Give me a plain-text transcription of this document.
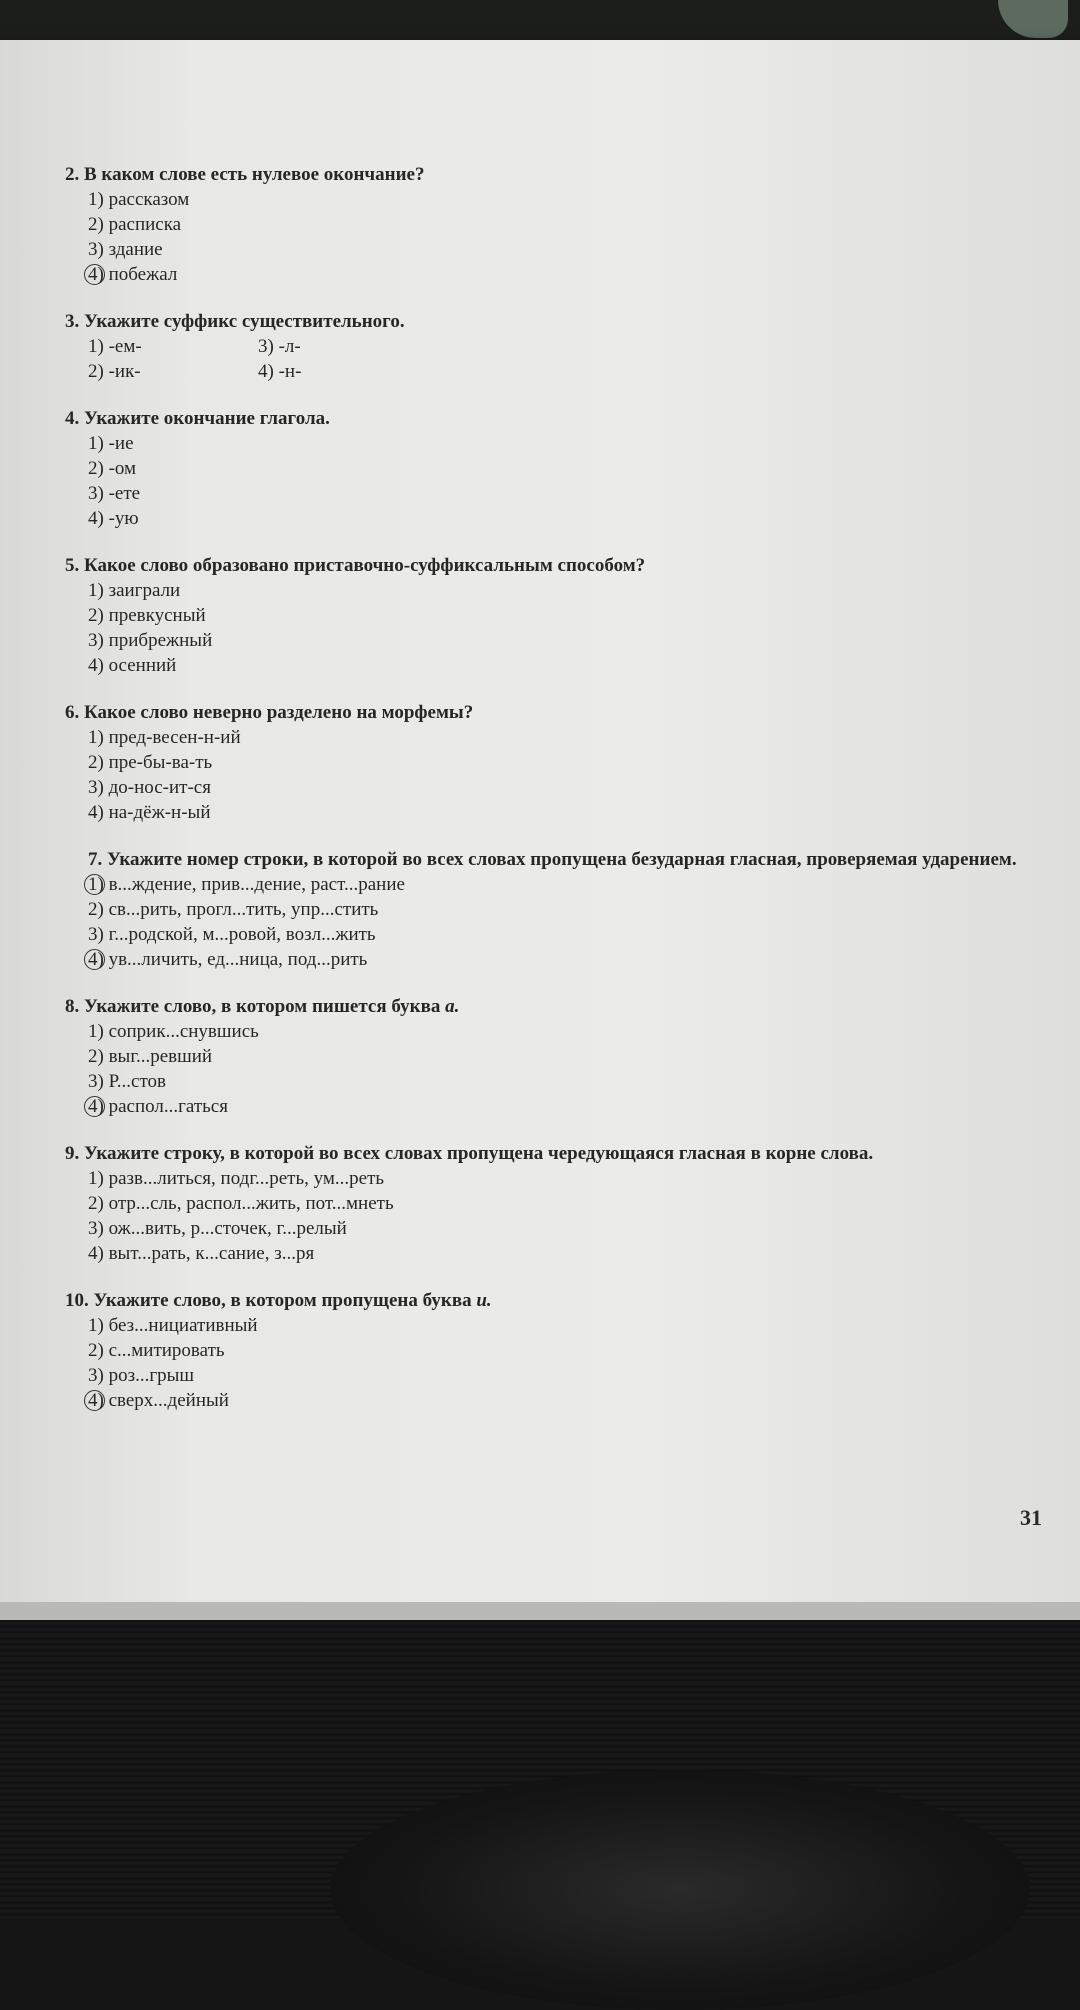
2. В каком слове есть нулевое окончание?
1) рассказом
2) расписка
3) здание
4) побежал
3. Укажите суффикс существительного.
1) -ем-	3) -л-
2) -ик-	4) -н-
4. Укажите окончание глагола.
1) -ие
2) -ом
3) -ете
4) -ую
5. Какое слово образовано приставочно-суффиксальным способом?
1) заиграли
2) превкусный
3) прибрежный
4) осенний
6. Какое слово неверно разделено на морфемы?
1) пред-весен-н-ий
2) пре-бы-ва-ть
3) до-нос-ит-ся
4) на-дёж-н-ый
7. Укажите номер строки, в которой во всех словах пропущена безударная гласная, проверяемая ударением.
1) в...ждение, прив...дение, раст...рание
2) св...рить, прогл...тить, упр...стить
3) г...родской, м...ровой, возл...жить
4) ув...личить, ед...ница, под...рить
8. Укажите слово, в котором пишется буква а.
1) соприк...снувшись
2) выг...ревший
3) Р...стов
4) распол...гаться
9. Укажите строку, в которой во всех словах пропущена чередующаяся гласная в корне слова.
1) разв...литься, подг...реть, ум...реть
2) отр...сль, распол...жить, пот...мнеть
3) ож...вить, р...сточек, г...релый
4) выт...рать, к...сание, з...ря
10. Укажите слово, в котором пропущена буква и.
1) без...нициативный
2) с...митировать
3) роз...грыш
4) сверх...дейный
31
